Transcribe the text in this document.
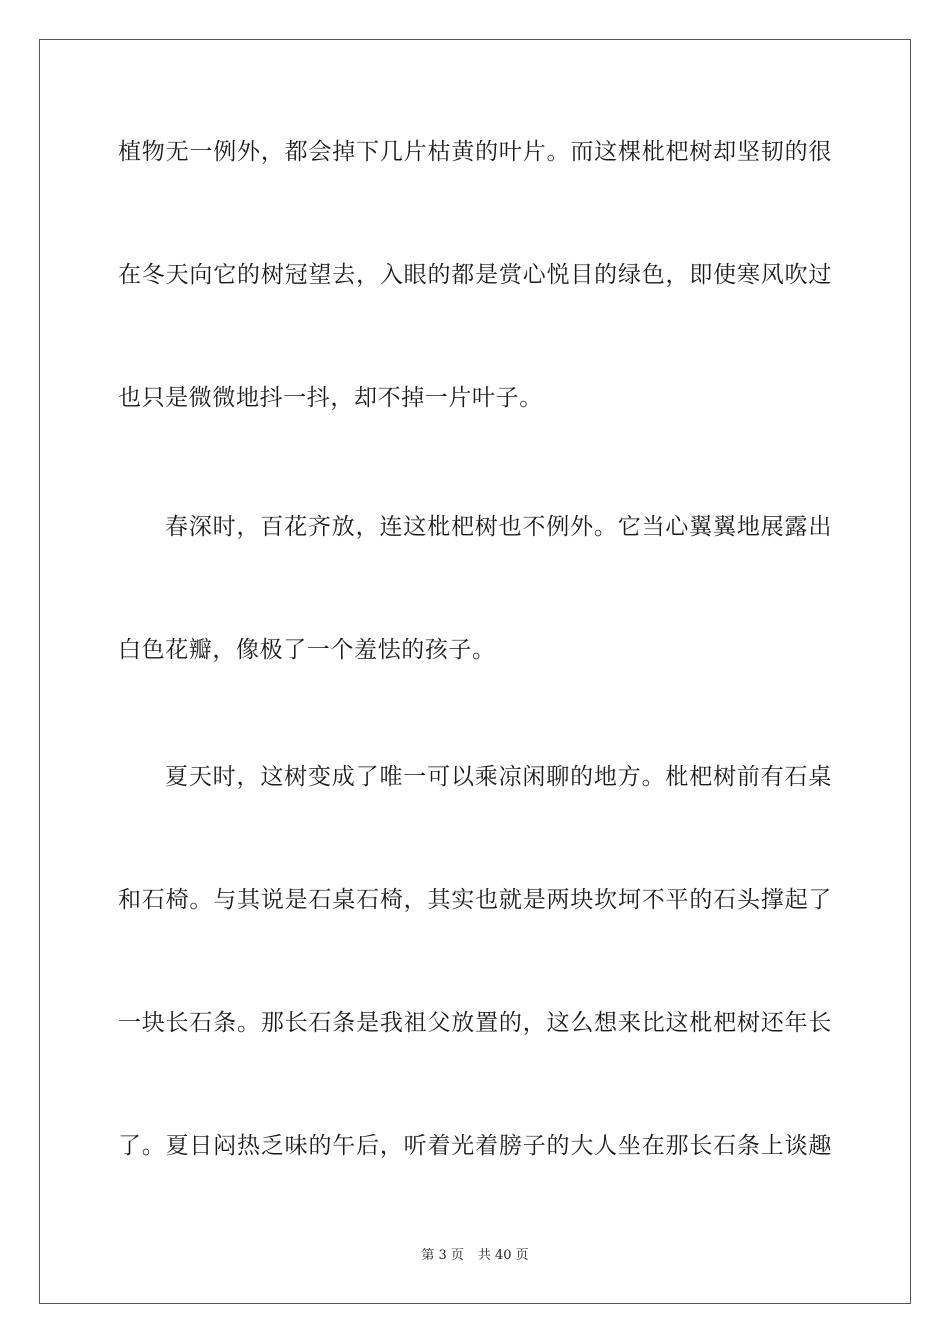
植物无一例外，都会掉下几片枯黄的叶片。而这棵枇杷树却坚韧的很
在冬天向它的树冠望去，入眼的都是赏心悦目的绿色，即使寒风吹过
也只是微微地抖一抖，却不掉一片叶子。
春深时，百花齐放，连这枇杷树也不例外。它当心翼翼地展露出
白色花瓣，像极了一个羞怯的孩子。
夏天时，这树变成了唯一可以乘凉闲聊的地方。枇杷树前有石桌
和石椅。与其说是石桌石椅，其实也就是两块坎坷不平的石头撑起了
一块长石条。那长石条是我祖父放置的，这么想来比这枇杷树还年长
了。夏日闷热乏味的午后，听着光着膀子的大人坐在那长石条上谈趣
第 3 页 共 40 页
